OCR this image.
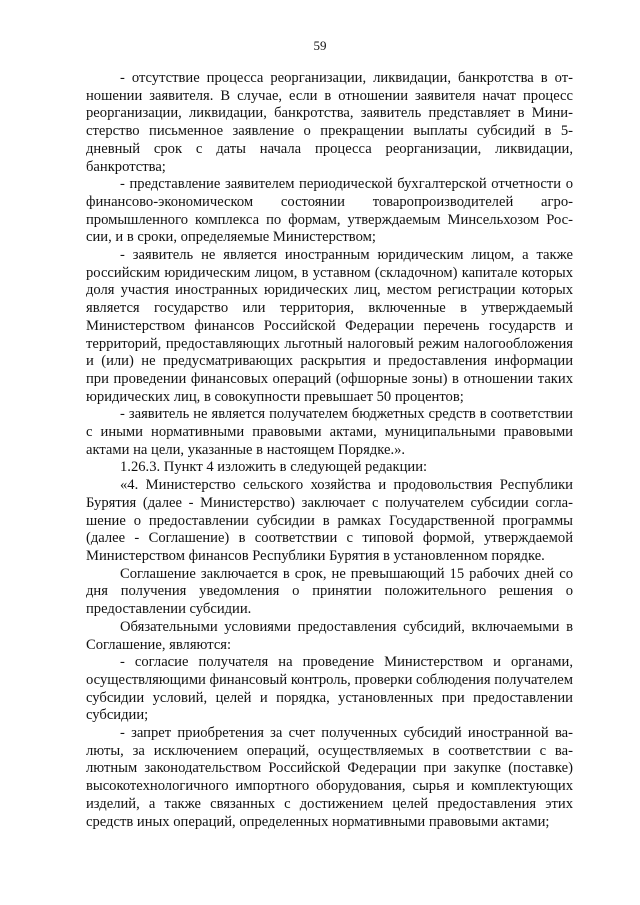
59

- отсутствие процесса реорганизации, ликвидации, банкротства в отношении заявителя. В случае, если в отношении заявителя начат процесс реорганизации, ликвидации, банкротства, заявитель представляет в Министерство письменное заявление о прекращении выплаты субсидий в 5-дневный срок с даты начала процесса реорганизации, ликвидации, банкротства;

- представление заявителем периодической бухгалтерской отчетности о финансово-экономическом состоянии товаропроизводителей агропромышленного комплекса по формам, утверждаемым Минсельхозом России, и в сроки, определяемые Министерством;

- заявитель не является иностранным юридическим лицом, а также российским юридическим лицом, в уставном (складочном) капитале которых доля участия иностранных юридических лиц, местом регистрации которых является государство или территория, включенные в утверждаемый Министерством финансов Российской Федерации перечень государств и территорий, предоставляющих льготный налоговый режим налогообложения и (или) не предусматривающих раскрытия и предоставления информации при проведении финансовых операций (офшорные зоны) в отношении таких юридических лиц, в совокупности превышает 50 процентов;

- заявитель не является получателем бюджетных средств в соответствии с иными нормативными правовыми актами, муниципальными правовыми актами на цели, указанные в настоящем Порядке.».

1.26.3. Пункт 4 изложить в следующей редакции:

«4. Министерство сельского хозяйства и продовольствия Республики Бурятия (далее - Министерство) заключает с получателем субсидии соглашение о предоставлении субсидии в рамках Государственной программы (далее - Соглашение) в соответствии с типовой формой, утверждаемой Министерством финансов Республики Бурятия в установленном порядке.

Соглашение заключается в срок, не превышающий 15 рабочих дней со дня получения уведомления о принятии положительного решения о предоставлении субсидии.

Обязательными условиями предоставления субсидий, включаемыми в Соглашение, являются:

- согласие получателя на проведение Министерством и органами, осуществляющими финансовый контроль, проверки соблюдения получателем субсидии условий, целей и порядка, установленных при предоставлении субсидии;

- запрет приобретения за счет полученных субсидий иностранной валюты, за исключением операций, осуществляемых в соответствии с валютным законодательством Российской Федерации при закупке (поставке) высокотехнологичного импортного оборудования, сырья и комплектующих изделий, а также связанных с достижением целей предоставления этих средств иных операций, определенных нормативными правовыми актами;
